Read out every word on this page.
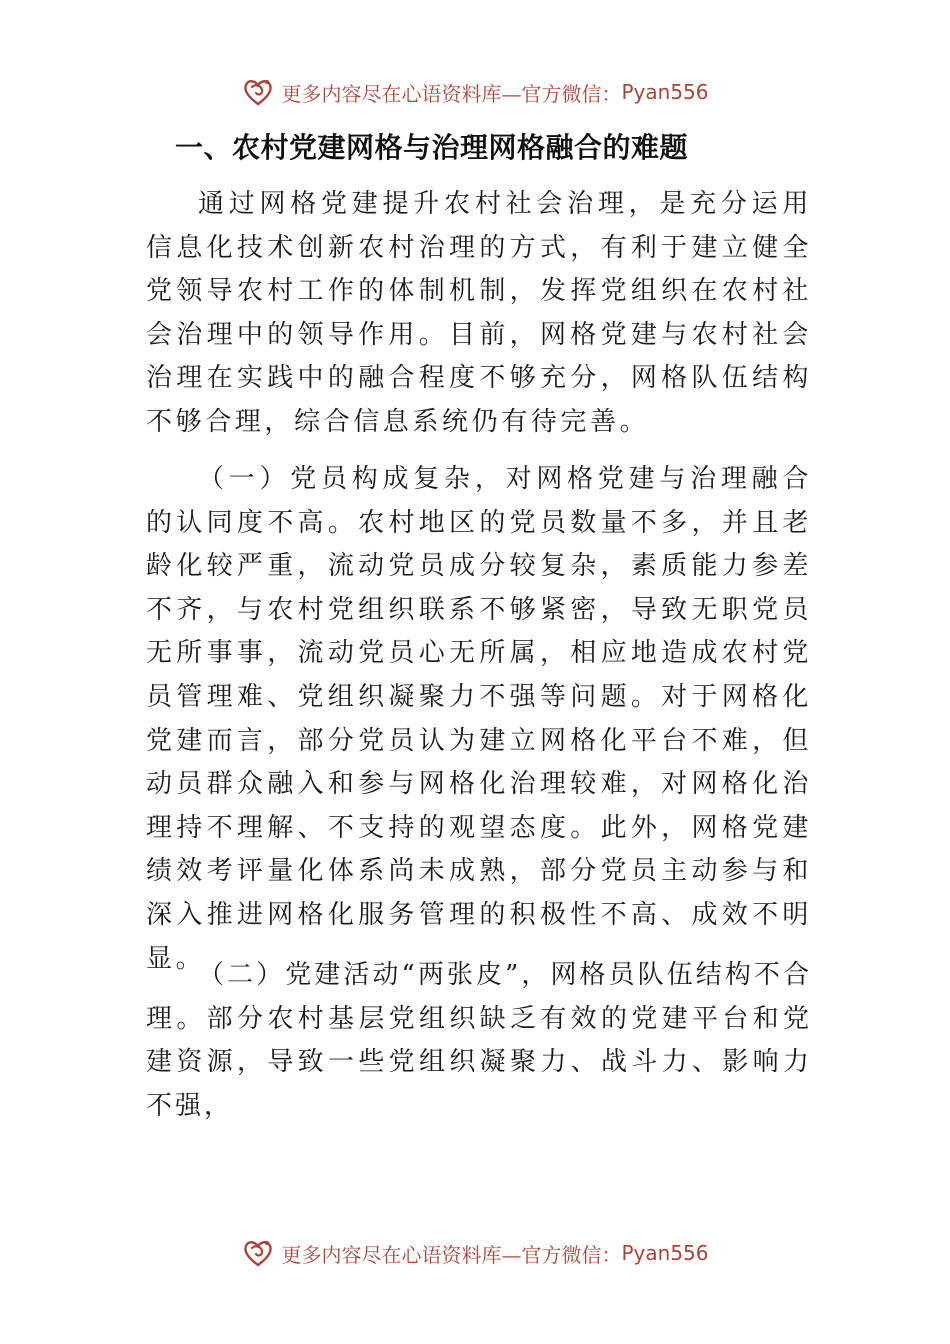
更多内容尽在心语资料库—官方微信： Pyan556
一、农村党建网格与治理网格融合的难题

通过网格党建提升农村社会治理，是充分运用信息化技术创新农村治理的方式，有利于建立健全党领导农村工作的体制机制，发挥党组织在农村社会治理中的领导作用。目前，网格党建与农村社会治理在实践中的融合程度不够充分，网格队伍结构不够合理，综合信息系统仍有待完善。

（一）党员构成复杂，对网格党建与治理融合的认同度不高。农村地区的党员数量不多，并且老龄化较严重，流动党员成分较复杂，素质能力参差不齐，与农村党组织联系不够紧密，导致无职党员无所事事，流动党员心无所属，相应地造成农村党员管理难、党组织凝聚力不强等问题。对于网格化党建而言，部分党员认为建立网格化平台不难，但动员群众融入和参与网格化治理较难，对网格化治理持不理解、不支持的观望态度。此外，网格党建绩效考评量化体系尚未成熟，部分党员主动参与和深入推进网格化服务管理的积极性不高、成效不明显。

（二）党建活动“两张皮”，网格员队伍结构不合理。部分农村基层党组织缺乏有效的党建平台和党建资源，导致一些党组织凝聚力、战斗力、影响力不强，

更多内容尽在心语资料库—官方微信： Pyan556
